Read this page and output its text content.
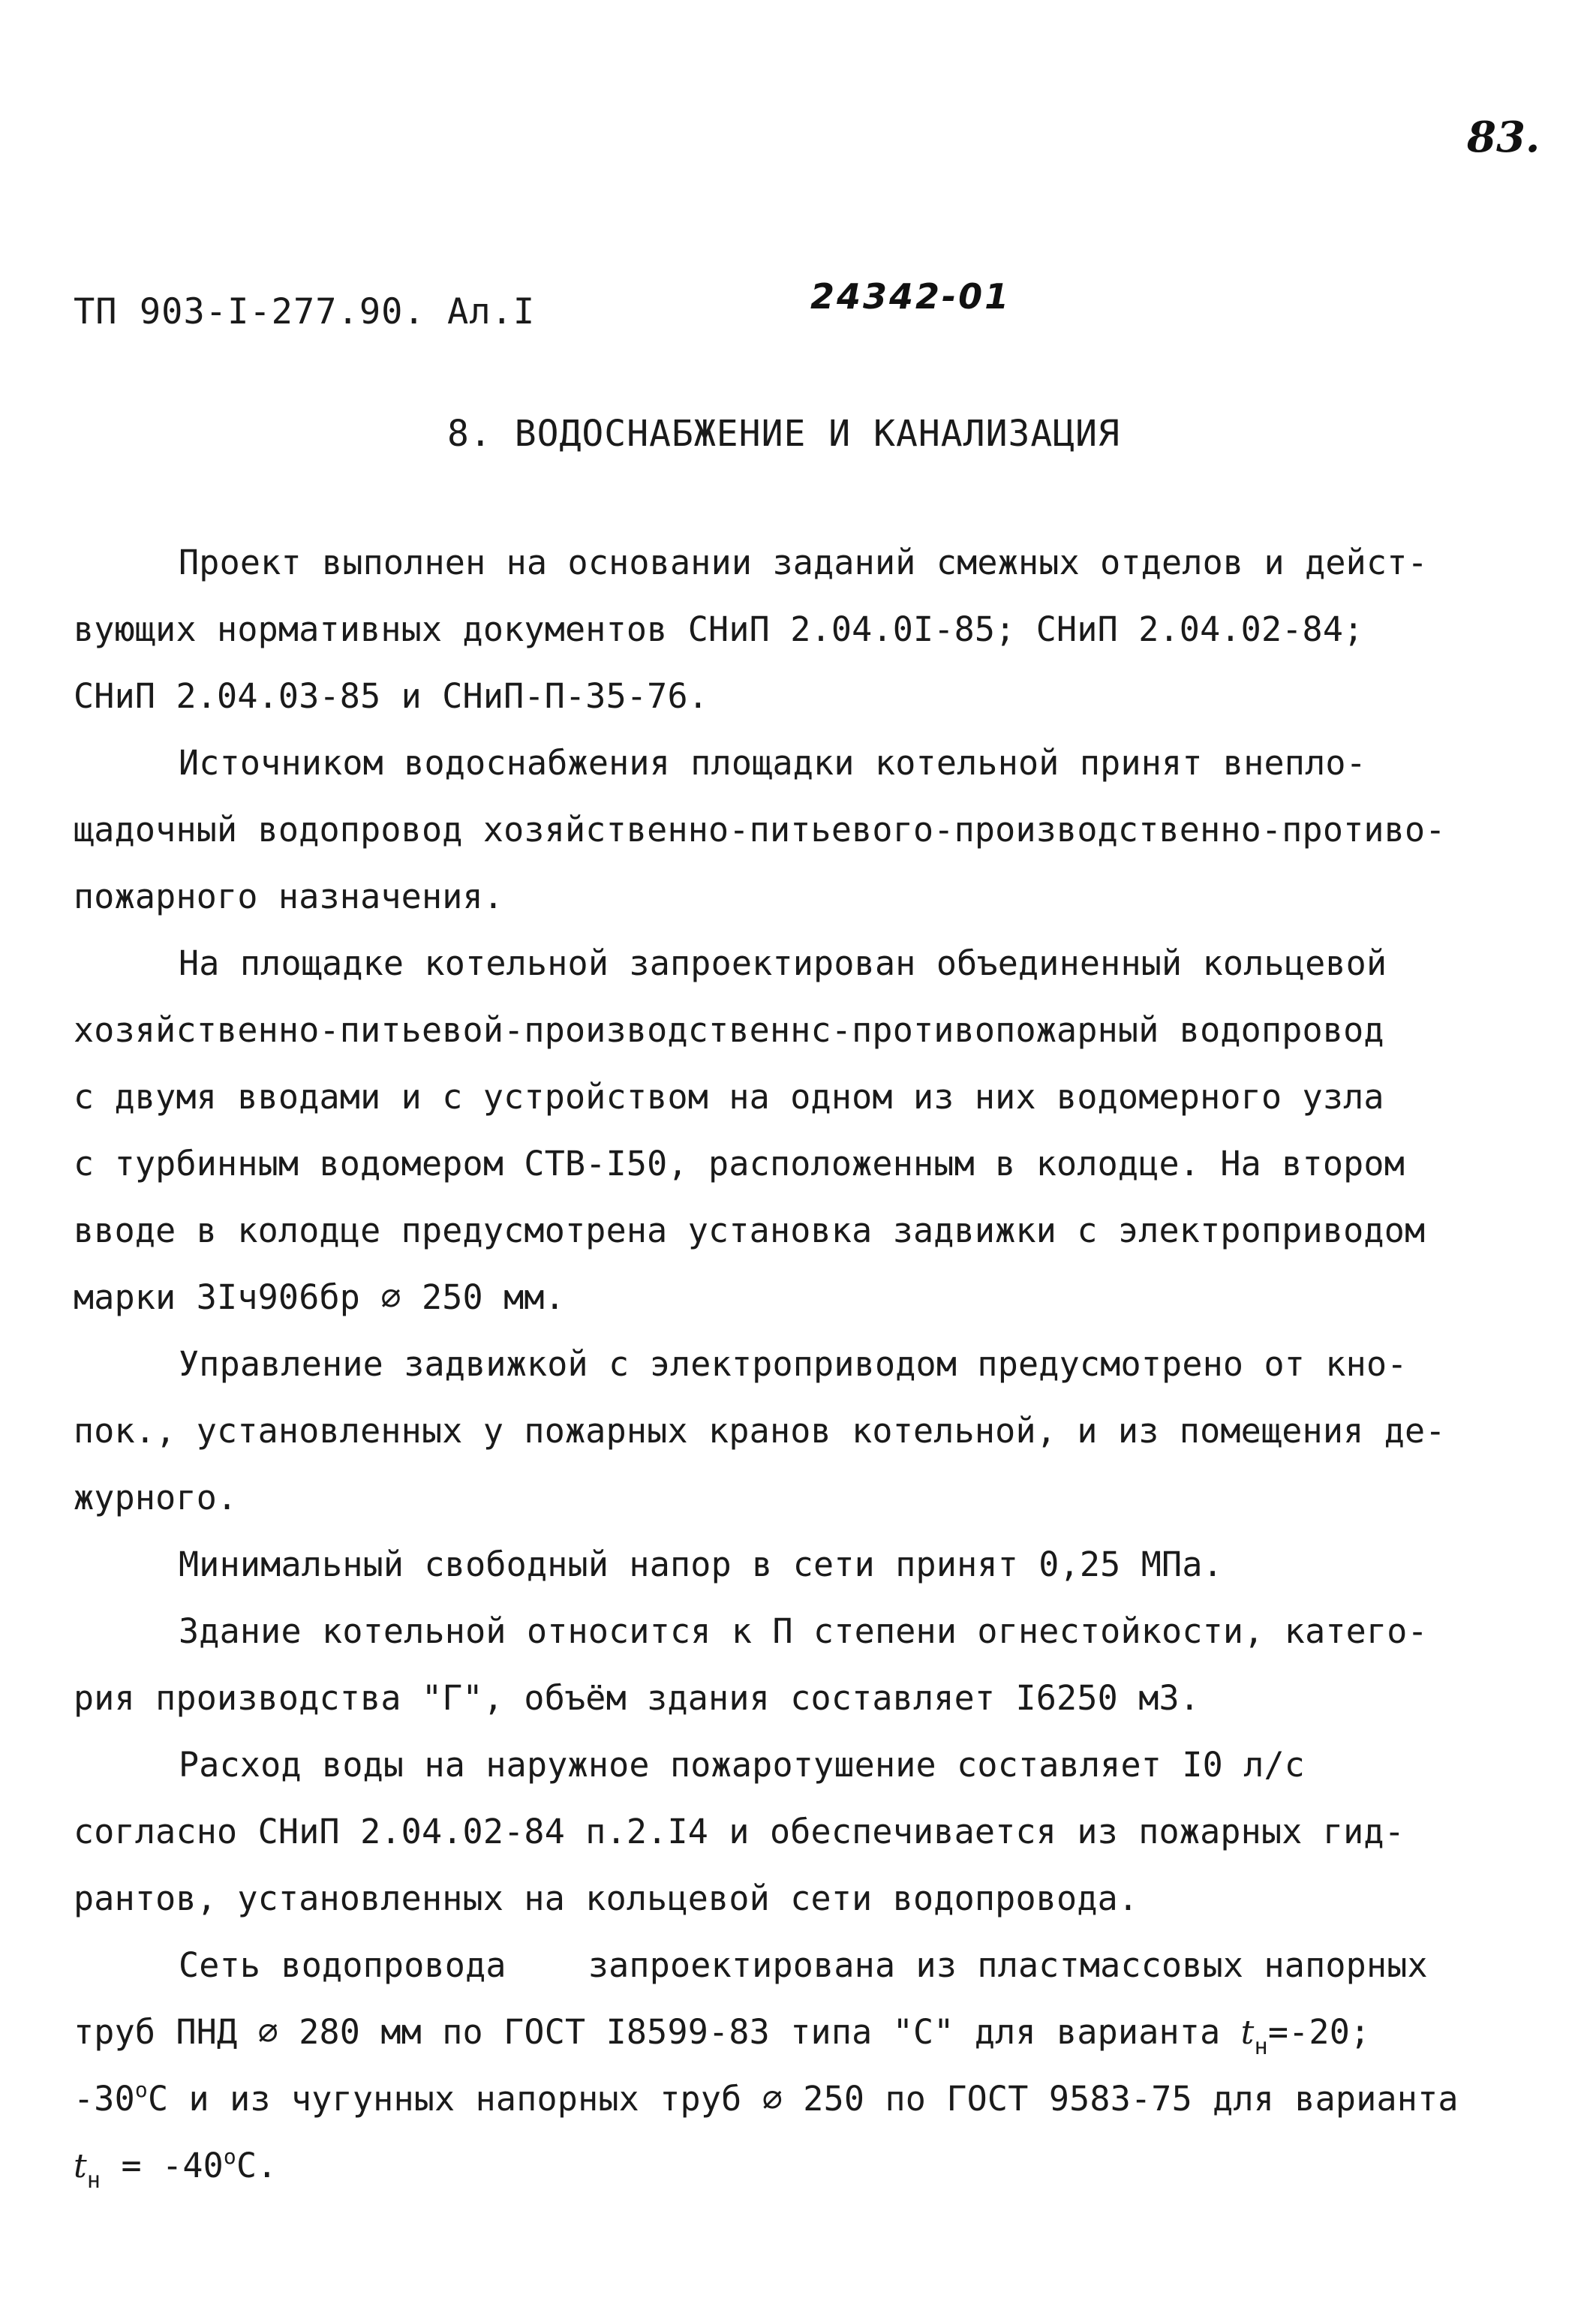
83.
ТП 903-I-277.90. Ал.I	24342-01
8. ВОДОСНАБЖЕНИЕ И КАНАЛИЗАЦИЯ
Проект выполнен на основании заданий смежных отделов и дейст-
вующих нормативных документов СНиП 2.04.0I-85; СНиП 2.04.02-84;
СНиП 2.04.03-85 и СНиП-П-35-76.
Источником водоснабжения площадки котельной принят внепло-
щадочный водопровод хозяйственно-питьевого-производственно-противо-
пожарного назначения.
На площадке котельной запроектирован объединенный кольцевой
хозяйственно-питьевой-производственнс-противопожарный водопровод
с двумя вводами и с устройством на одном из них водомерного узла
с турбинным водомером СТВ-I50, расположенным в колодце. На втором
вводе в колодце предусмотрена установка задвижки с электроприводом
марки 3Iч906бр ∅ 250 мм.
Управление задвижкой с электроприводом предусмотрено от кно-
пок., установленных у пожарных кранов котельной, и из помещения де-
журного.
Минимальный свободный напор в сети принят 0,25 МПа.
Здание котельной относится к П степени огнестойкости, катего-
рия производства "Г", объём здания составляет I6250 м3.
Расход воды на наружное пожаротушение составляет I0 л/с
согласно СНиП 2.04.02-84 п.2.I4 и обеспечивается из пожарных гид-
рантов, установленных на кольцевой сети водопровода.
Сеть водопровода    запроектирована из пластмассовых напорных
труб ПНД ∅ 280 мм по ГОСТ I8599-83 типа "С" для варианта $t_н=-20$;
$-30^оС$ и из чугунных напорных труб ∅ 250 по ГОСТ 9583-75 для варианта
$t_н = -40^оС$.
